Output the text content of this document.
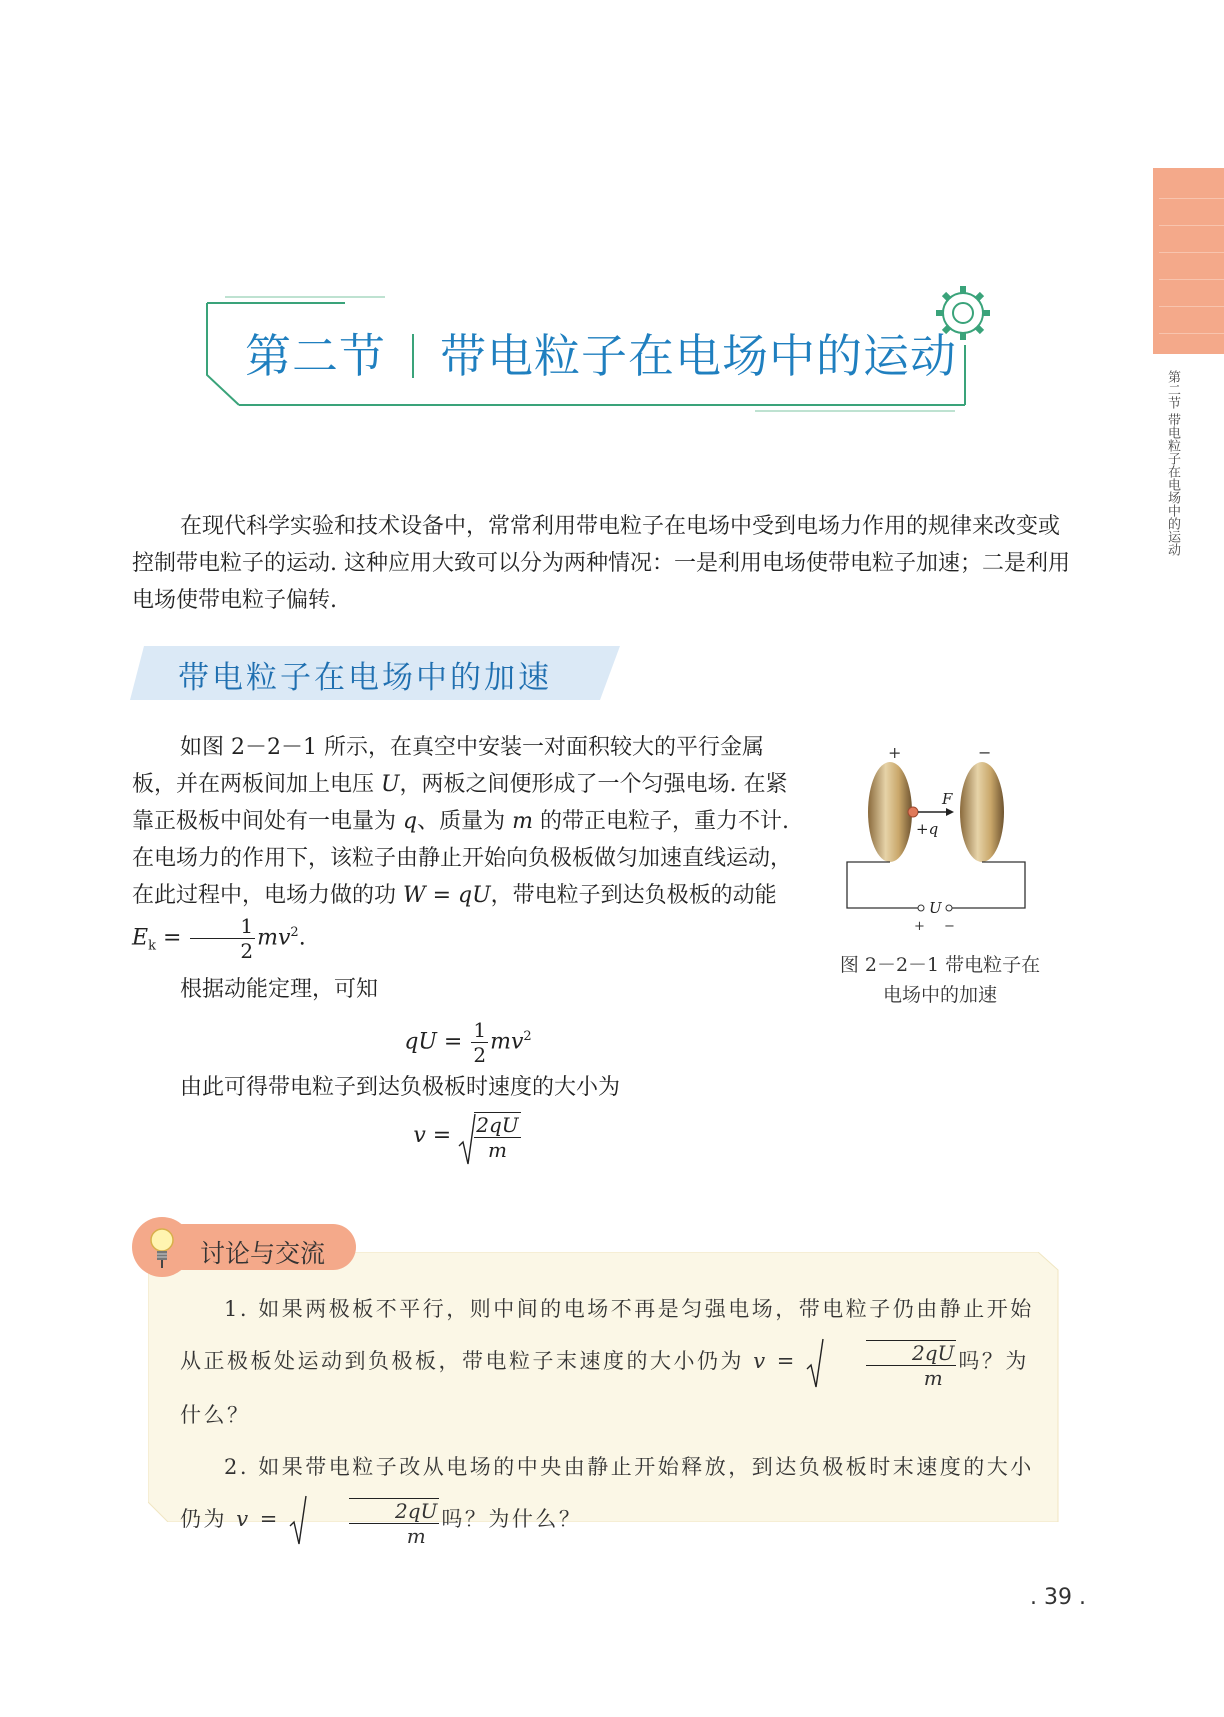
第二节 带电粒子在电场中的运动
第二节 带电粒子在电场中的运动
在现代科学实验和技术设备中，常常利用带电粒子在电场中受到电场力作用的规律来改变或控制带电粒子的运动. 这种应用大致可以分为两种情况：一是利用电场使带电粒子加速；二是利用电场使带电粒子偏转.
带电粒子在电场中的加速
如图 2－2－1 所示，在真空中安装一对面积较大的平行金属板，并在两板间加上电压 U，两板之间便形成了一个匀强电场. 在紧靠正极板中间处有一电量为 q、质量为 m 的带正电粒子，重力不计. 在电场力的作用下，该粒子由静止开始向负极板做匀加速直线运动，在此过程中，电场力做的功 W = qU，带电粒子到达负极板的动能 $E_k = \frac{1}{2} mv^2$.
根据动能定理，可知
qU = $\frac{1}{2} mv^2$
由此可得带电粒子到达负极板时速度的大小为
$v = \frac{2qU}{m}$
+	−
F
+q
U
+ −
图 2－2－1 带电粒子在
电场中的加速
讨论与交流
1. 如果两极板不平行，则中间的电场不再是匀强电场，带电粒子仍由静止开始从正极板处运动到负极板，带电粒子末速度的大小仍为 v =	$\frac{2qU}{m}$ 吗？为什么？
2. 如果带电粒子改从电场的中央由静止开始释放，到达负极板时末速度的大小仍为 v =	$\frac{2qU}{m}$ 吗？为什么？
. 39 .
